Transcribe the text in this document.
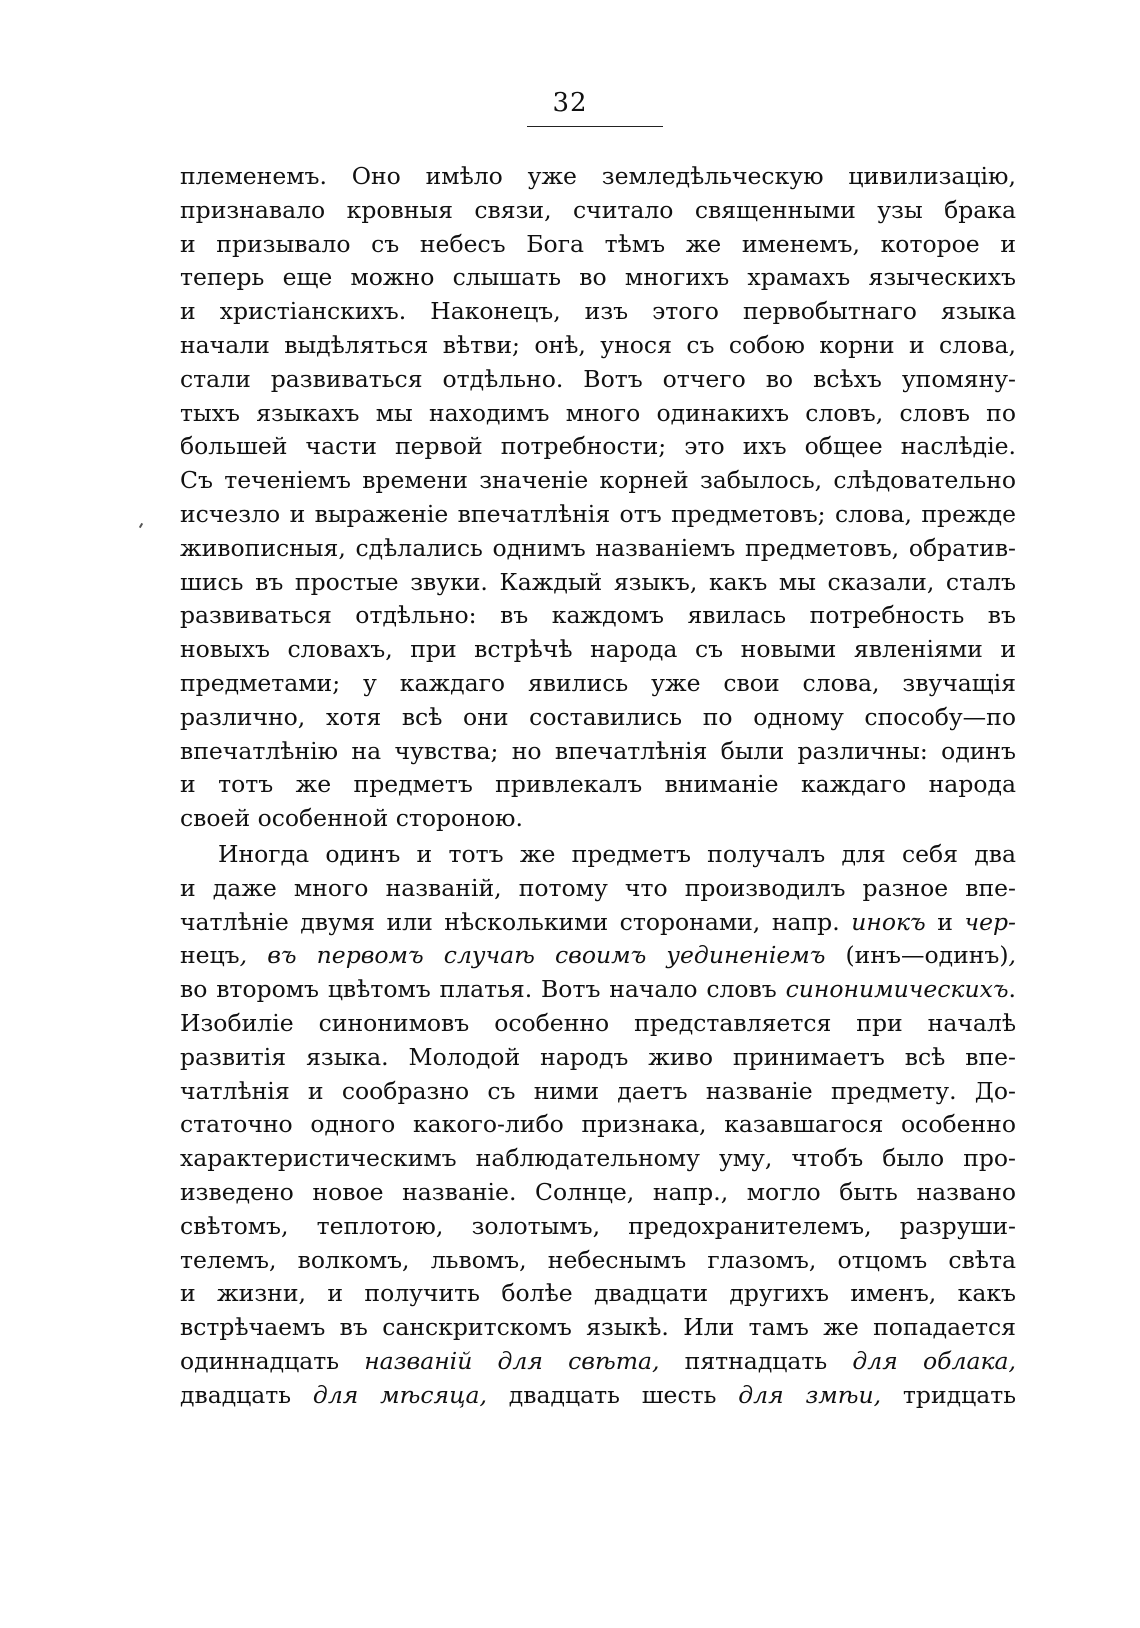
32
племенемъ. Оно имѣло уже земледѣльческую цивилизацію,
признавало кровныя связи, считало священными узы брака
и призывало съ небесъ Бога тѣмъ же именемъ, которое и
теперь еще можно слышать во многихъ храмахъ языческихъ
и христіанскихъ. Наконецъ, изъ этого первобытнаго языка
начали выдѣляться вѣтви; онѣ, унося съ собою корни и слова,
стали развиваться отдѣльно. Вотъ отчего во всѣхъ упомяну-
тыхъ языкахъ мы находимъ много одинакихъ словъ, словъ по
большей части первой потребности; это ихъ общее наслѣдіе.
Съ теченіемъ времени значеніе корней забылось, слѣдовательно
исчезло и выраженіе впечатлѣнія отъ предметовъ; слова, прежде
живописныя, сдѣлались однимъ названіемъ предметовъ, обратив-
шись въ простые звуки. Каждый языкъ, какъ мы сказали, сталъ
развиваться отдѣльно: въ каждомъ явилась потребность въ
новыхъ словахъ, при встрѣчѣ народа съ новыми явленіями и
предметами; у каждаго явились уже свои слова, звучащія
различно, хотя всѣ они составились по одному способу—по
впечатлѣнію на чувства; но впечатлѣнія были различны: одинъ
и тотъ же предметъ привлекалъ вниманіе каждаго народа
своей особенной стороною.
Иногда одинъ и тотъ же предметъ получалъ для себя два
и даже много названій, потому что производилъ разное впе-
чатлѣніе двумя или нѣсколькими сторонами, напр. инокъ и чер-
нецъ, въ первомъ случаѣ своимъ уединеніемъ (инъ—одинъ),
во второмъ цвѣтомъ платья. Вотъ начало словъ синонимическихъ.
Изобиліе синонимовъ особенно представляется при началѣ
развитія языка. Молодой народъ живо принимаетъ всѣ впе-
чатлѣнія и сообразно съ ними даетъ названіе предмету. До-
статочно одного какого-либо признака, казавшагося особенно
характеристическимъ наблюдательному уму, чтобъ было про-
изведено новое названіе. Солнце, напр., могло быть названо
свѣтомъ, теплотою, золотымъ, предохранителемъ, разруши-
телемъ, волкомъ, львомъ, небеснымъ глазомъ, отцомъ свѣта
и жизни, и получить болѣе двадцати другихъ именъ, какъ
встрѣчаемъ въ санскритскомъ языкѣ. Или тамъ же попадается
одиннадцать названій для свѣта, пятнадцать для облака,
двадцать для мѣсяца, двадцать шесть для змѣи, тридцать
